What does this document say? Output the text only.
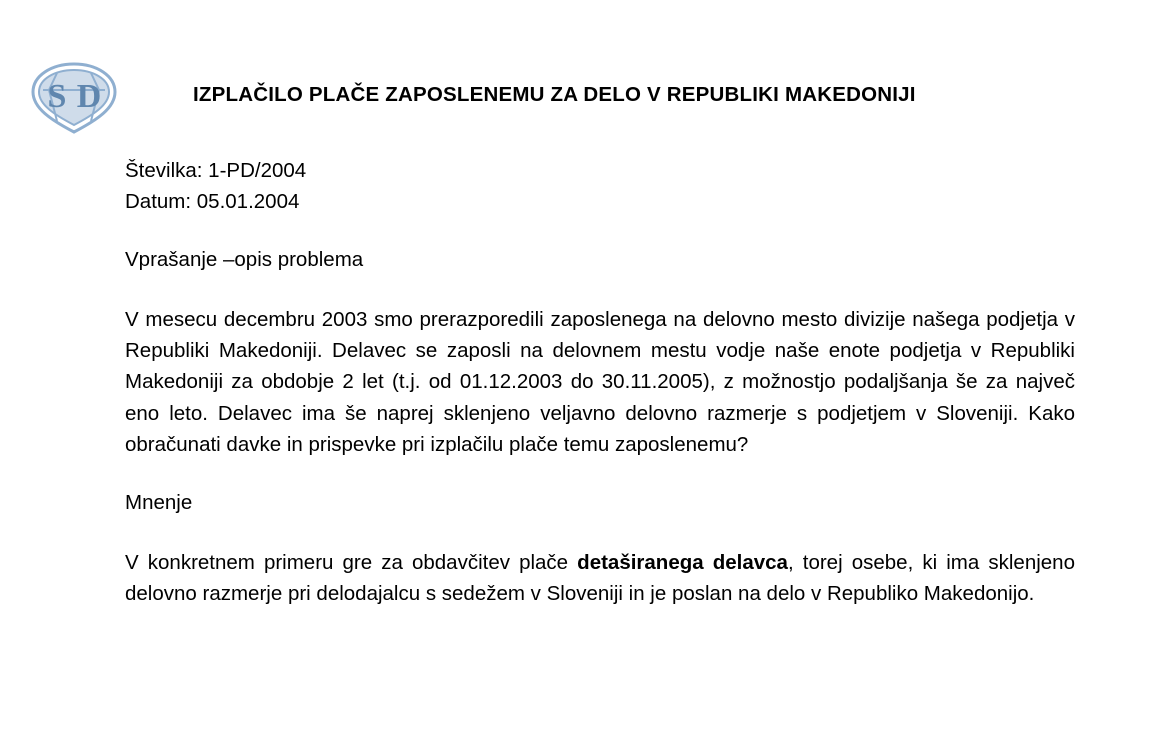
S D	IZPLAČILO PLAČE ZAPOSLENEMU ZA DELO V REPUBLIKI MAKEDONIJI
Številka: 1-PD/2004
Datum: 05.01.2004
Vprašanje –opis problema

V mesecu decembru 2003 smo prerazporedili zaposlenega na delovno mesto divizije našega podjetja v Republiki Makedoniji. Delavec se zaposli na delovnem mestu vodje naše enote podjetja v Republiki Makedoniji za obdobje 2 let (t.j. od 01.12.2003 do 30.11.2005), z možnostjo podaljšanja še za največ eno leto. Delavec ima še naprej sklenjeno veljavno delovno razmerje s podjetjem v Sloveniji. Kako obračunati davke in prispevke pri izplačilu plače temu zaposlenemu?

Mnenje

V konkretnem primeru gre za obdavčitev plače detaširanega delavca, torej osebe, ki ima sklenjeno delovno razmerje pri delodajalcu s sedežem v Sloveniji in je poslan na delo v Republiko Makedonijo.
